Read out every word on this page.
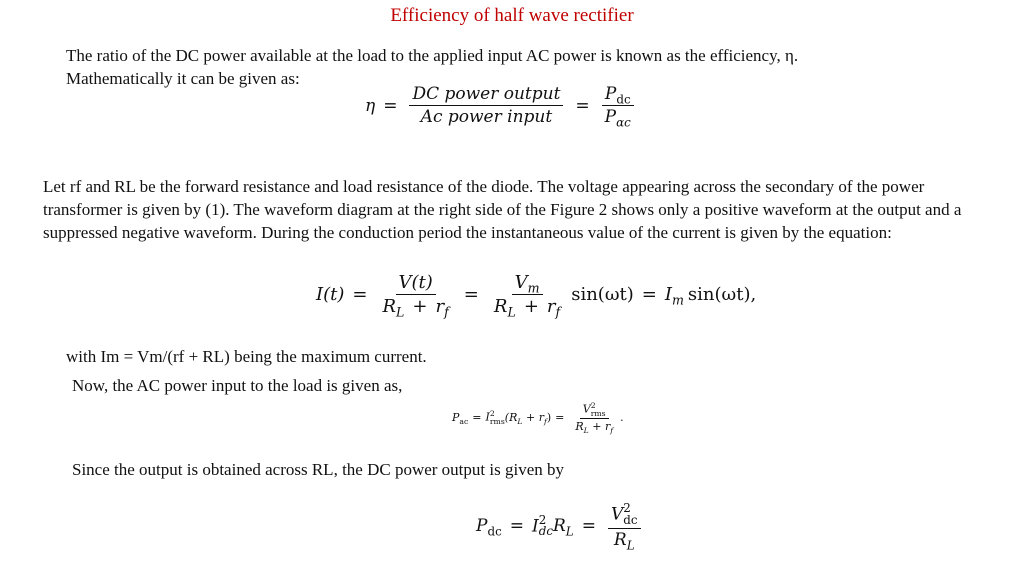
Efficiency of half wave rectifier

The ratio of the DC power available at the load to the applied input AC power is known as the efficiency, η.
Mathematically it can be given as:

$\eta = \frac{\text{DC power output}}{\text{Ac power input}} = \frac{P_{dc}}{P_{\alpha c}}$

Let rf and RL be the forward resistance and load resistance of the diode. The voltage appearing across the secondary of the power transformer is given by (1). The waveform diagram at the right side of the Figure 2 shows only a positive waveform at the output and a suppressed negative waveform. During the conduction period the instantaneous value of the current is given by the equation:

$I(t) = \frac{V(t)}{R_L + r_f} = \frac{V_m}{R_L + r_f} \sin(\omega t) = I_m$ sin(ωt),

with Im = Vm/(rf + RL) being the maximum current.

Now, the AC power input to the load is given as,

$P_{ac} = I$ 2
rms $(R_L + r_f) = V$ 2
rms
$R_L + r_f$ .

Since the output is obtained across RL, the DC power output is given by

$P_{dc} = I$ 2
dc $R_L = V$ 2
dc
$R_L$
